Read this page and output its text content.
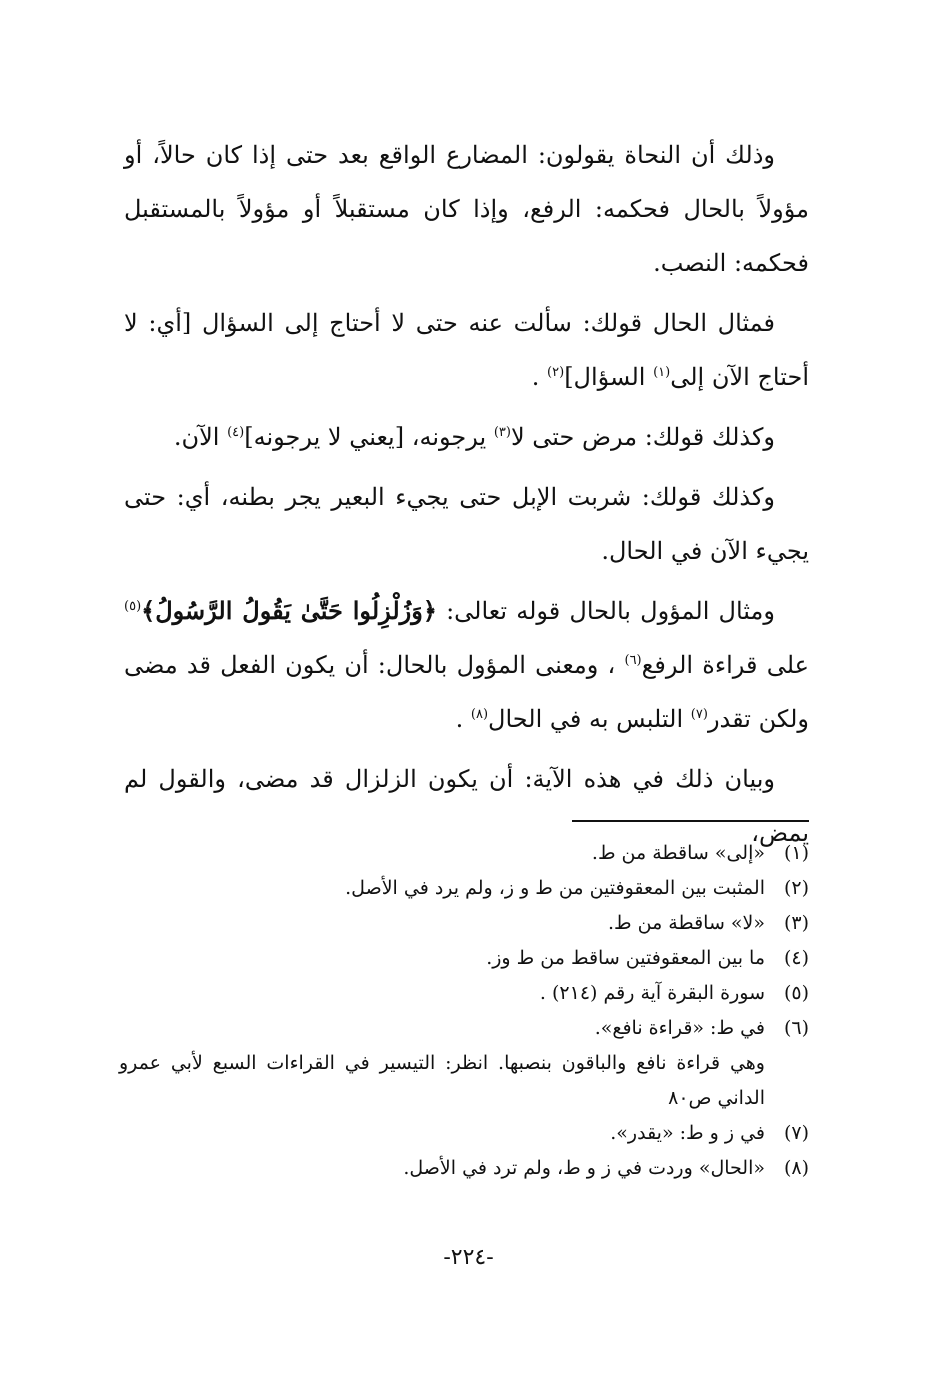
وذلك أن النحاة يقولون: المضارع الواقع بعد حتى إذا كان حالاً، أو مؤولاً بالحال فحكمه: الرفع، وإذا كان مستقبلاً أو مؤولاً بالمستقبل فحكمه: النصب.

فمثال الحال قولك: سألت عنه حتى لا أحتاج إلى السؤال [أي: لا أحتاج الآن إلى$^{(١)}$ السؤال]$^{(٢)}$ .

وكذلك قولك: مرض حتى لا$^{(٣)}$ يرجونه، [يعني لا يرجونه]$^{(٤)}$ الآن.

وكذلك قولك: شربت الإبل حتى يجيء البعير يجر بطنه، أي: حتى يجيء الآن في الحال.

ومثال المؤول بالحال قوله تعالى: ﴿وَزُلْزِلُوا حَتَّىٰ يَقُولُ الرَّسُولُ﴾$^{(٥)}$ على قراءة الرفع$^{(٦)}$ ، ومعنى المؤول بالحال: أن يكون الفعل قد مضى ولكن تقدر$^{(٧)}$ التلبس به في الحال$^{(٨)}$ .

وبيان ذلك في هذه الآية: أن يكون الزلزال قد مضى، والقول لم يمض،

(١)
«إلى» ساقطة من ط.
(٢)
المثبت بين المعقوفتين من ط و ز، ولم يرد في الأصل.
(٣)
«لا» ساقطة من ط.
(٤)
ما بين المعقوفتين ساقط من ط وز.
(٥)
سورة البقرة آية رقم (٢١٤) .
(٦)
في ط: «قراءة نافع».
وهي قراءة نافع والباقون بنصبها. انظر: التيسير في القراءات السبع لأبي عمرو الداني ص٨٠
(٧)
في ز و ط: «يقدر».
(٨)
«الحال» وردت في ز و ط، ولم ترد في الأصل.
-٢٢٤-
